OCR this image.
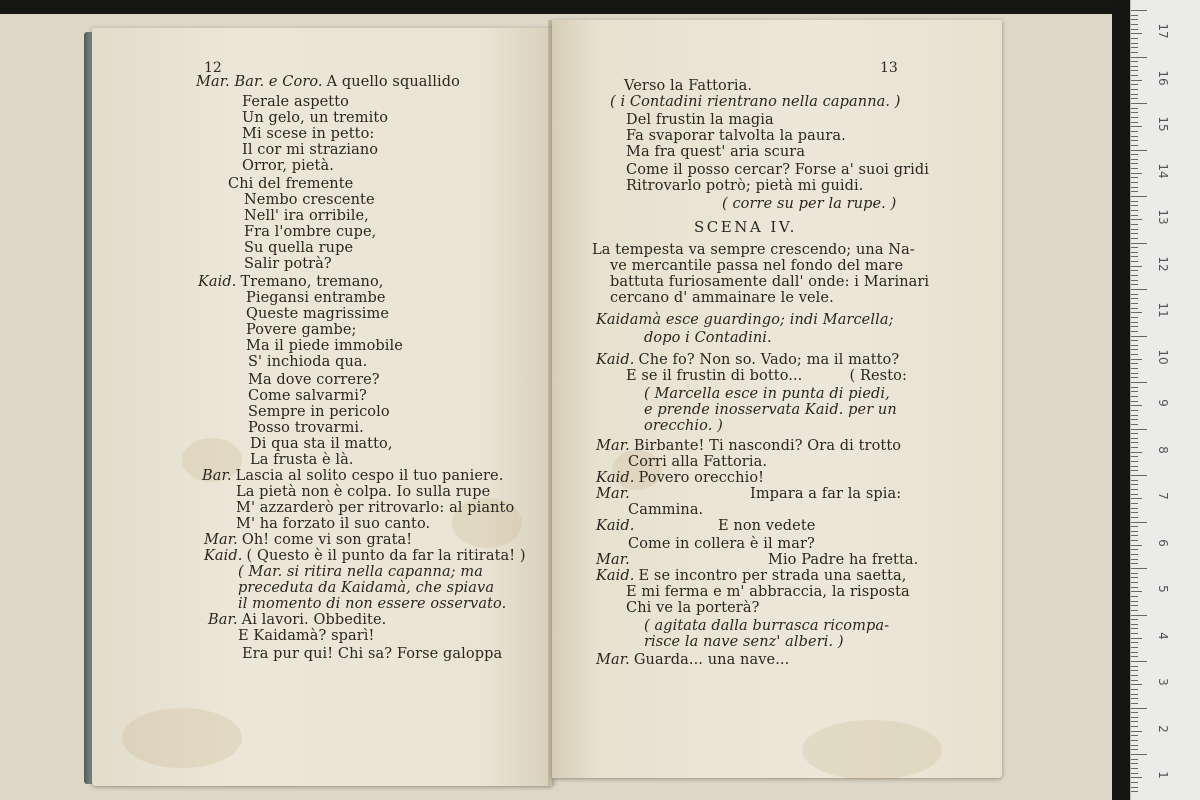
12
Mar. Bar. e Coro. A quello squallido
Ferale aspetto
Un gelo, un tremito
Mi scese in petto:
Il cor mi straziano
Orror, pietà.
Chi del fremente
Nembo crescente
Nell' ira orribile,
Fra l'ombre cupe,
Su quella rupe
Salir potrà?
Kaid. Tremano, tremano,
Piegansi entrambe
Queste magrissime
Povere gambe;
Ma il piede immobile
S' inchioda qua.
Ma dove correre?
Come salvarmi?
Sempre in pericolo
Posso trovarmi.
Di qua sta il matto,
La frusta è là.
Bar. Lascia al solito cespo il tuo paniere.
La pietà non è colpa. Io sulla rupe
M' azzarderò per ritrovarlo: al pianto
M' ha forzato il suo canto.
Mar. Oh! come vi son grata!
Kaid. ( Questo è il punto da far la ritirata! )
( Mar. si ritira nella capanna; ma
preceduta da Kaidamà, che spiava
il momento di non essere osservato.
Bar. Ai lavori. Obbedite.
E Kaidamà? sparì!
Era pur qui! Chi sa? Forse galoppa
13
Verso la Fattoria.
( i Contadini rientrano nella capanna. )
Del frustin la magia
Fa svaporar talvolta la paura.
Ma fra quest' aria scura
Come il posso cercar? Forse a' suoi gridi
Ritrovarlo potrò; pietà mi guidi.
( corre su per la rupe. )
SCENA IV.
La tempesta va sempre crescendo; una Na-
ve mercantile passa nel fondo del mare
battuta furiosamente dall' onde: i Marinari
cercano d' ammainare le vele.
Kaidamà esce guardingo; indi Marcella;
dopo i Contadini.
Kaid. Che fo? Non so. Vado; ma il matto?
E se il frustin di botto...          ( Resto:
( Marcella esce in punta di piedi,
e prende inosservata Kaid. per un
orecchio. )
Mar. Birbante! Ti nascondi? Ora di trotto
Corri alla Fattoria.
Kaid. Povero orecchio!
Mar.	Impara a far la spia:
Cammina.
Kaid.	E non vedete
Come in collera è il mar?
Mar.	Mio Padre ha fretta.
Kaid. E se incontro per strada una saetta,
E mi ferma e m' abbraccia, la risposta
Chi ve la porterà?
( agitata dalla burrasca ricompa-
risce la nave senz' alberi. )
Mar. Guarda... una nave...
17
16
15
14
13
12
11
10
9
8
7
6
5
4
3
2
1
